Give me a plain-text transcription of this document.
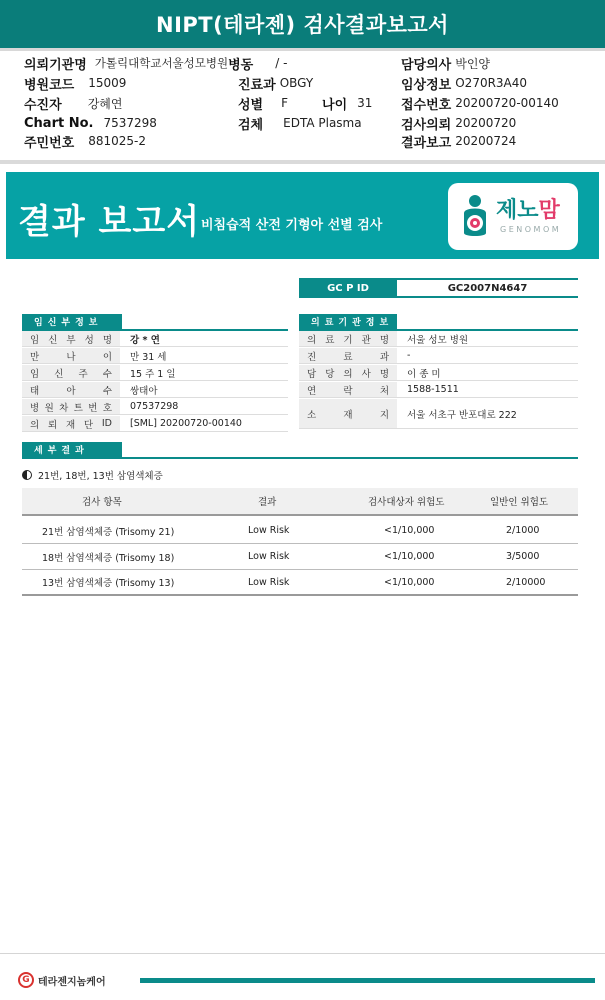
NIPT(테라젠) 검사결과보고서
의뢰기관명 가톨릭대학교서울성모병원 병동 / -	담당의사 박인양
병원코드 15009	진료과 OBGY	임상정보 O270R3A40
수진자 강혜연	성별 F	나이 31 접수번호 20200720-00140
Chart No. 7537298	검체 EDTA Plasma	검사의뢰 20200720
주민번호 881025-2	결과보고 20200724
결과 보고서 비침습적 산전 기형아 선별 검사
제노맘
GENOMOM
GC P ID	GC2007N4647
임신부정보	의료기관정보
임 신 부 성 명	강 * 연
만	나	이	만 31 세
임 신 주 수	15 주 1 일
태	아	수	쌍태아
병 원 차 트 번 호	07537298
의 뢰 재 단 ID	[SML] 20200720-00140
의 료 기 관 명	서울 성모 병원
진	료	과	-
담 당 의 사 명	이 종 미
연	락	처	1588-1511
소	재	지	서울 서초구 반포대로 222
세부결과
21번, 18번, 13번 삼염색체증
검사 항목	결과	검사대상자 위험도	일반인 위험도
21번 삼염색체증 (Trisomy 21)	Low Risk	<1/10,000	2/1000
18번 삼염색체증 (Trisomy 18)	Low Risk	<1/10,000	3/5000
13번 삼염색체증 (Trisomy 13)	Low Risk	<1/10,000	2/10000
G 테라젠지놈케어
